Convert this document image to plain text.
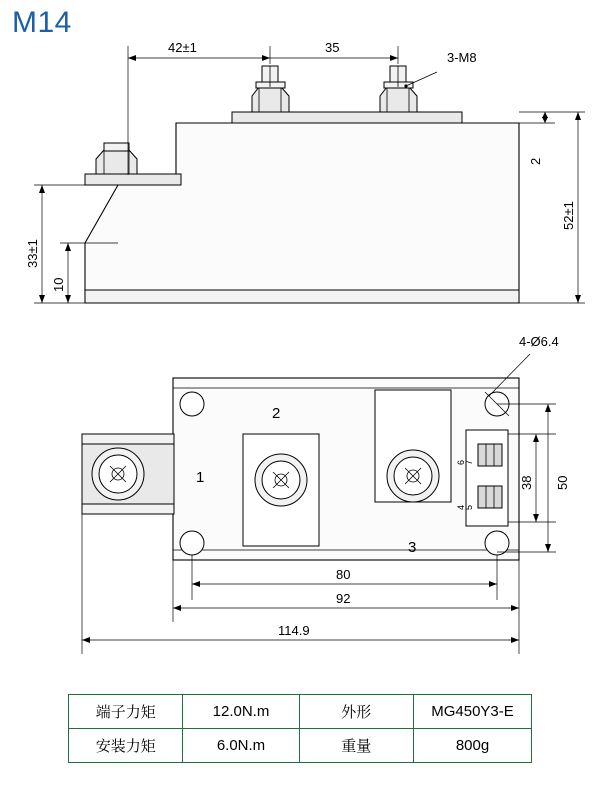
M14
3-M8
42±1	35
52±1
2
33±1
10
4
5
6
7
1
2
3
4-Ø6.4
38 50
80
92
114.9
端子力矩	12.0N.m	外形	MG450Y3-E
安装力矩	6.0N.m	重量	800g
